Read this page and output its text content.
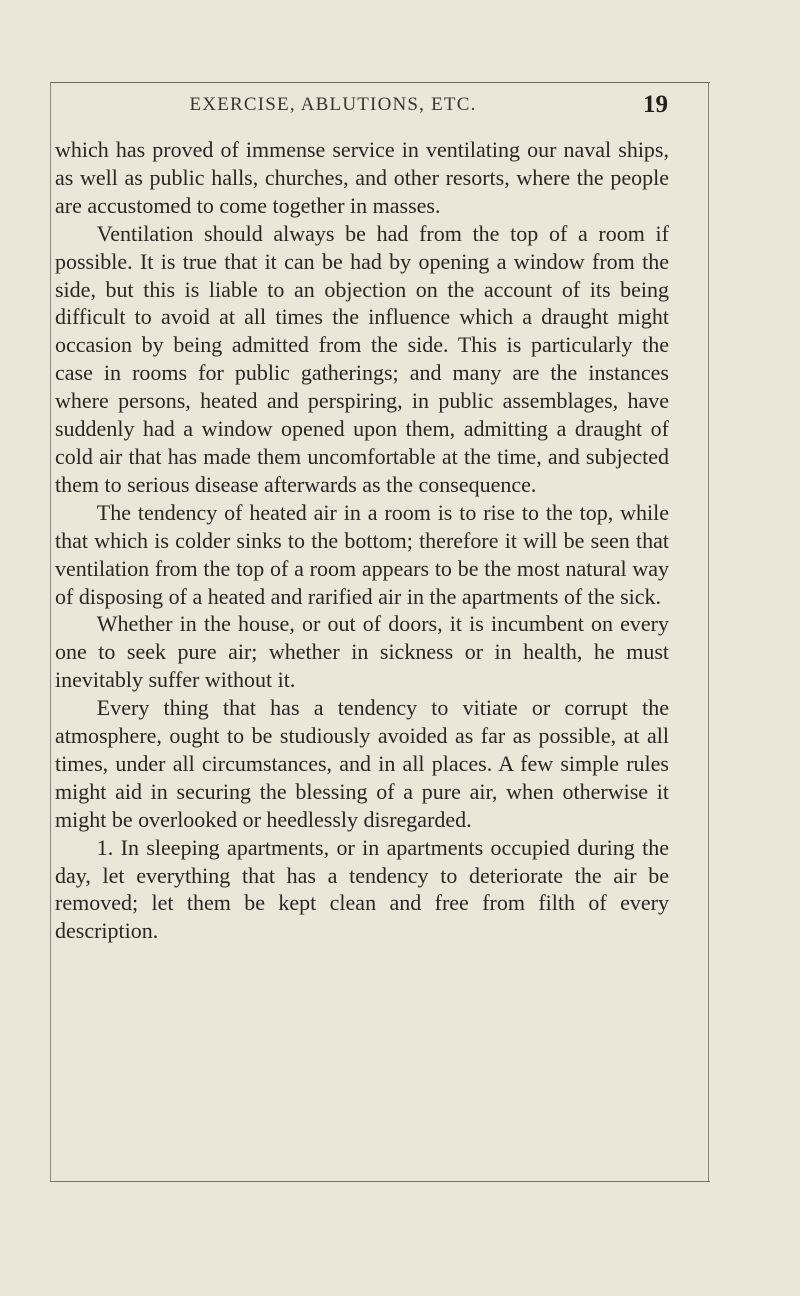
EXERCISE, ABLUTIONS, ETC.	19

which has proved of immense service in ventilating our naval ships, as well as public halls, churches, and other resorts, where the people are accustomed to come together in masses.

Ventilation should always be had from the top of a room if possible. It is true that it can be had by opening a window from the side, but this is liable to an objection on the account of its being difficult to avoid at all times the influence which a draught might occasion by being admitted from the side. This is particularly the case in rooms for public gatherings; and many are the instances where persons, heated and perspiring, in public assemblages, have suddenly had a window opened upon them, admitting a draught of cold air that has made them uncomfortable at the time, and subjected them to serious disease afterwards as the consequence.

The tendency of heated air in a room is to rise to the top, while that which is colder sinks to the bottom; therefore it will be seen that ventilation from the top of a room appears to be the most natural way of disposing of a heated and rarified air in the apartments of the sick.

Whether in the house, or out of doors, it is incumbent on every one to seek pure air; whether in sickness or in health, he must inevitably suffer without it.

Every thing that has a tendency to vitiate or corrupt the atmosphere, ought to be studiously avoided as far as possible, at all times, under all circumstances, and in all places. A few simple rules might aid in securing the blessing of a pure air, when otherwise it might be overlooked or heedlessly disregarded.

1. In sleeping apartments, or in apartments occupied during the day, let everything that has a tendency to deteriorate the air be removed; let them be kept clean and free from filth of every description.
